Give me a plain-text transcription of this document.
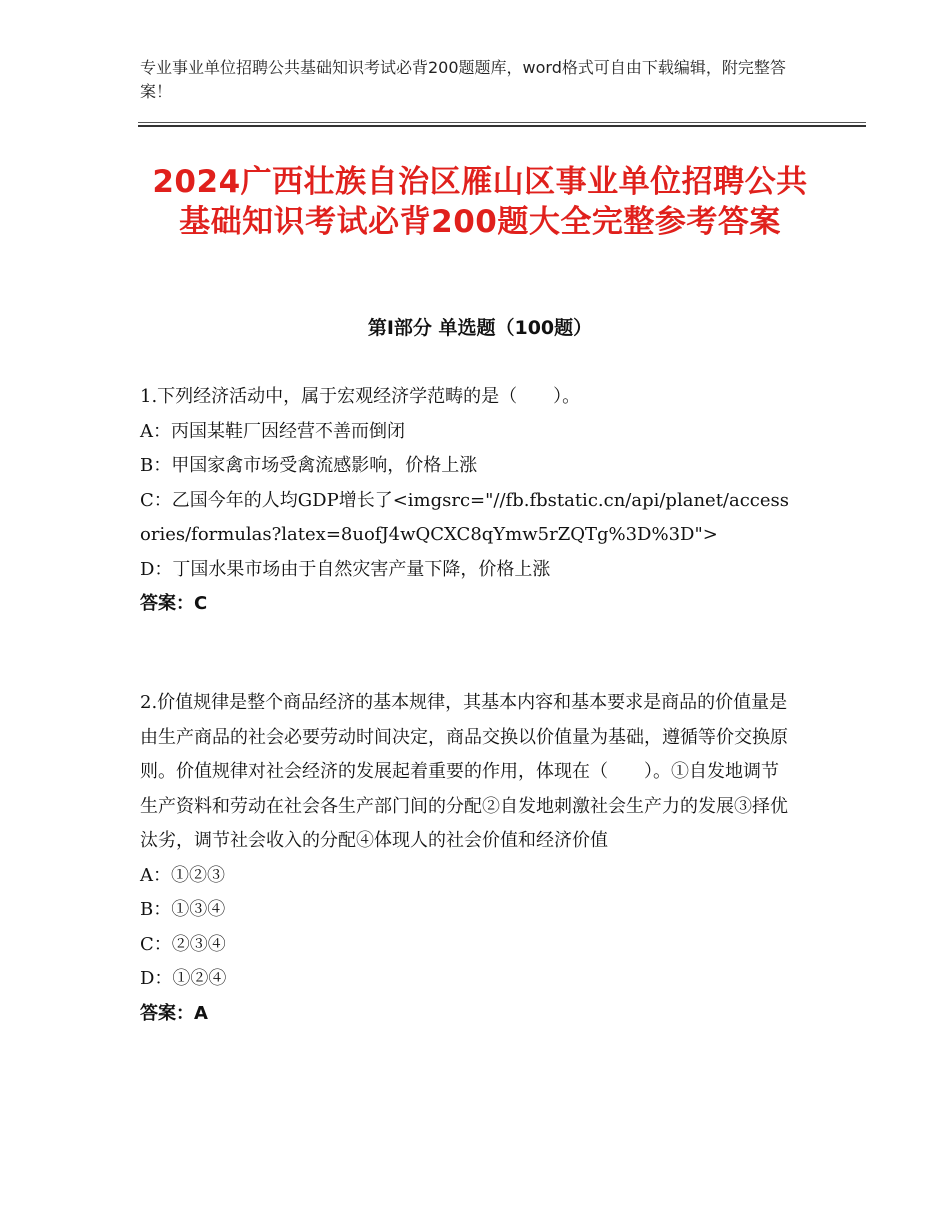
专业事业单位招聘公共基础知识考试必背200题题库，word格式可自由下载编辑，附完整答案！
2024广西壮族自治区雁山区事业单位招聘公共基础知识考试必背200题大全完整参考答案
第Ⅰ部分 单选题（100题）
1.下列经济活动中，属于宏观经济学范畴的是（　　）。
A：丙国某鞋厂因经营不善而倒闭
B：甲国家禽市场受禽流感影响，价格上涨
C：乙国今年的人均GDP增长了<imgsrc="//fb.fbstatic.cn/api/planet/accessories/formulas?latex=8uofJ4wQCXC8qYmw5rZQTg%3D%3D">
D：丁国水果市场由于自然灾害产量下降，价格上涨
答案：C
2.价值规律是整个商品经济的基本规律，其基本内容和基本要求是商品的价值量是由生产商品的社会必要劳动时间决定，商品交换以价值量为基础，遵循等价交换原则。价值规律对社会经济的发展起着重要的作用，体现在（　　）。①自发地调节生产资料和劳动在社会各生产部门间的分配②自发地刺激社会生产力的发展③择优汰劣，调节社会收入的分配④体现人的社会价值和经济价值
A：①②③
B：①③④
C：②③④
D：①②④
答案：A
